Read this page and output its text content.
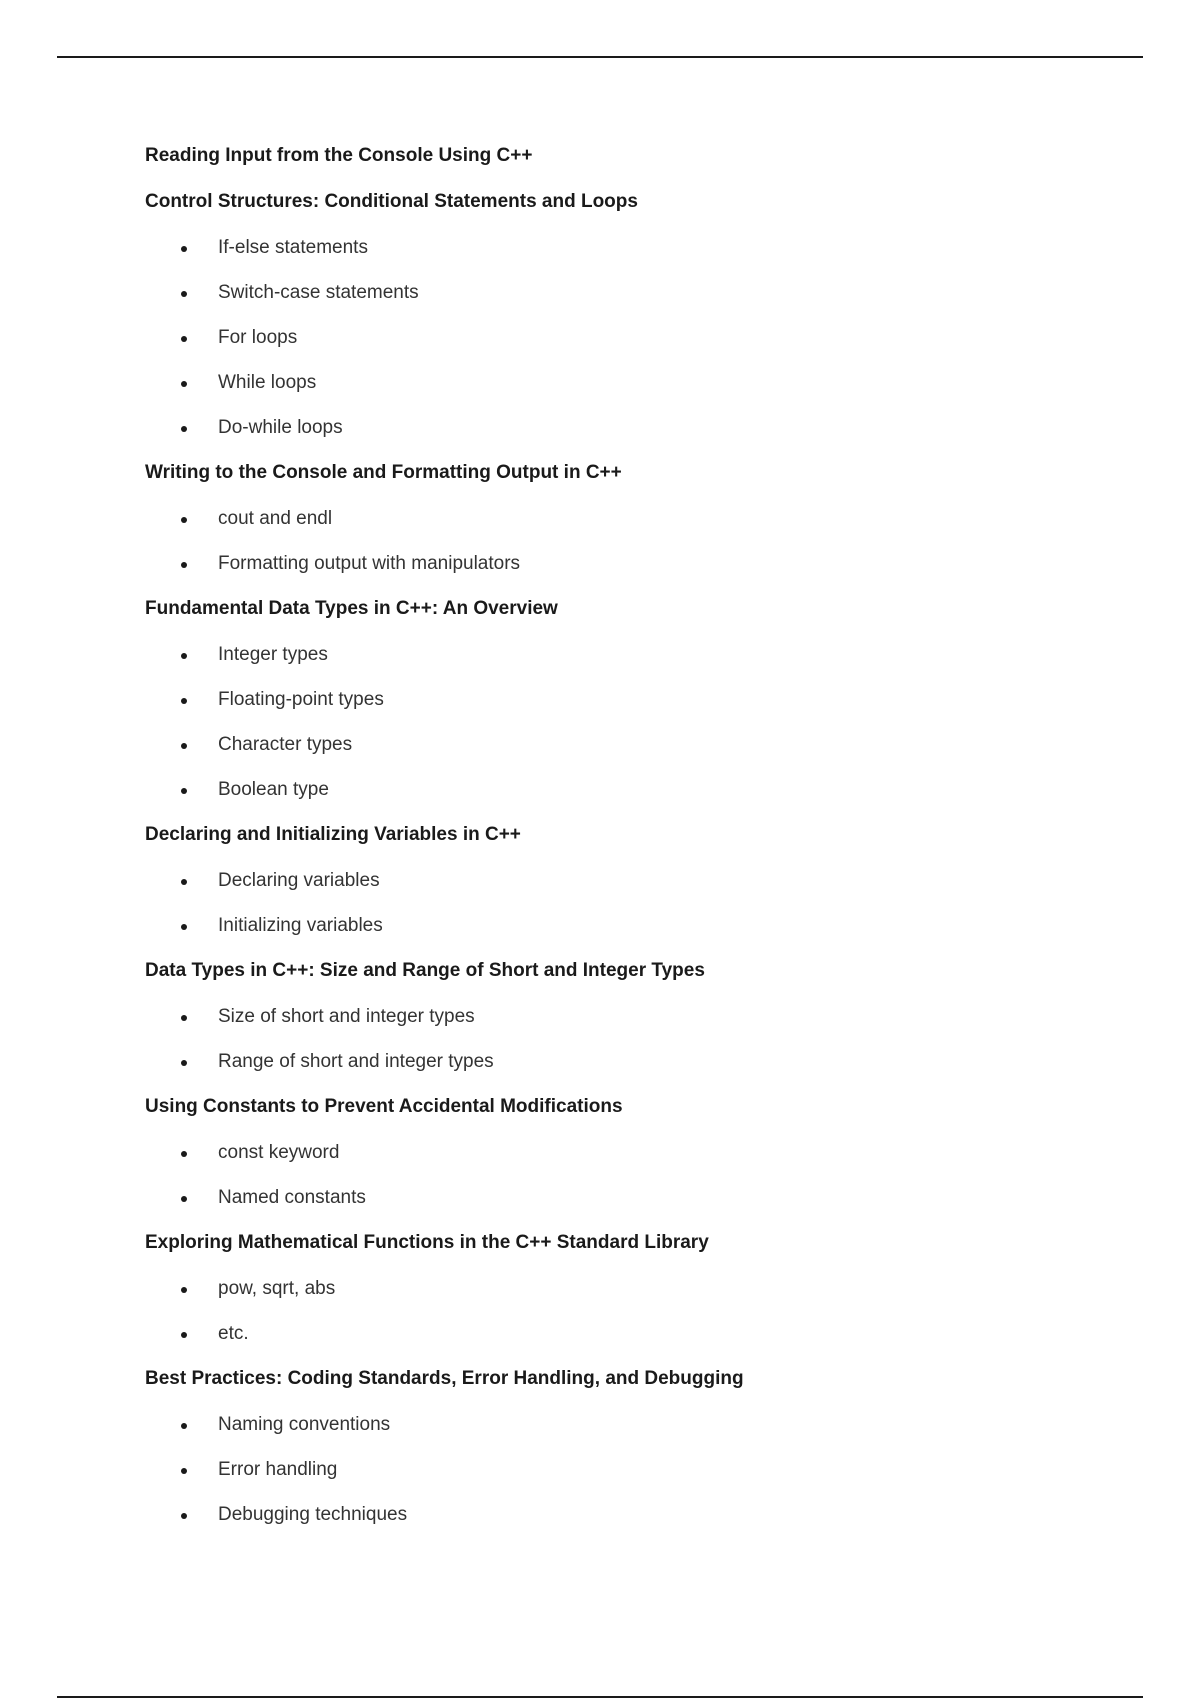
Reading Input from the Console Using C++
Control Structures: Conditional Statements and Loops
If-else statements
Switch-case statements
For loops
While loops
Do-while loops
Writing to the Console and Formatting Output in C++
cout and endl
Formatting output with manipulators
Fundamental Data Types in C++: An Overview
Integer types
Floating-point types
Character types
Boolean type
Declaring and Initializing Variables in C++
Declaring variables
Initializing variables
Data Types in C++: Size and Range of Short and Integer Types
Size of short and integer types
Range of short and integer types
Using Constants to Prevent Accidental Modifications
const keyword
Named constants
Exploring Mathematical Functions in the C++ Standard Library
pow, sqrt, abs
etc.
Best Practices: Coding Standards, Error Handling, and Debugging
Naming conventions
Error handling
Debugging techniques
